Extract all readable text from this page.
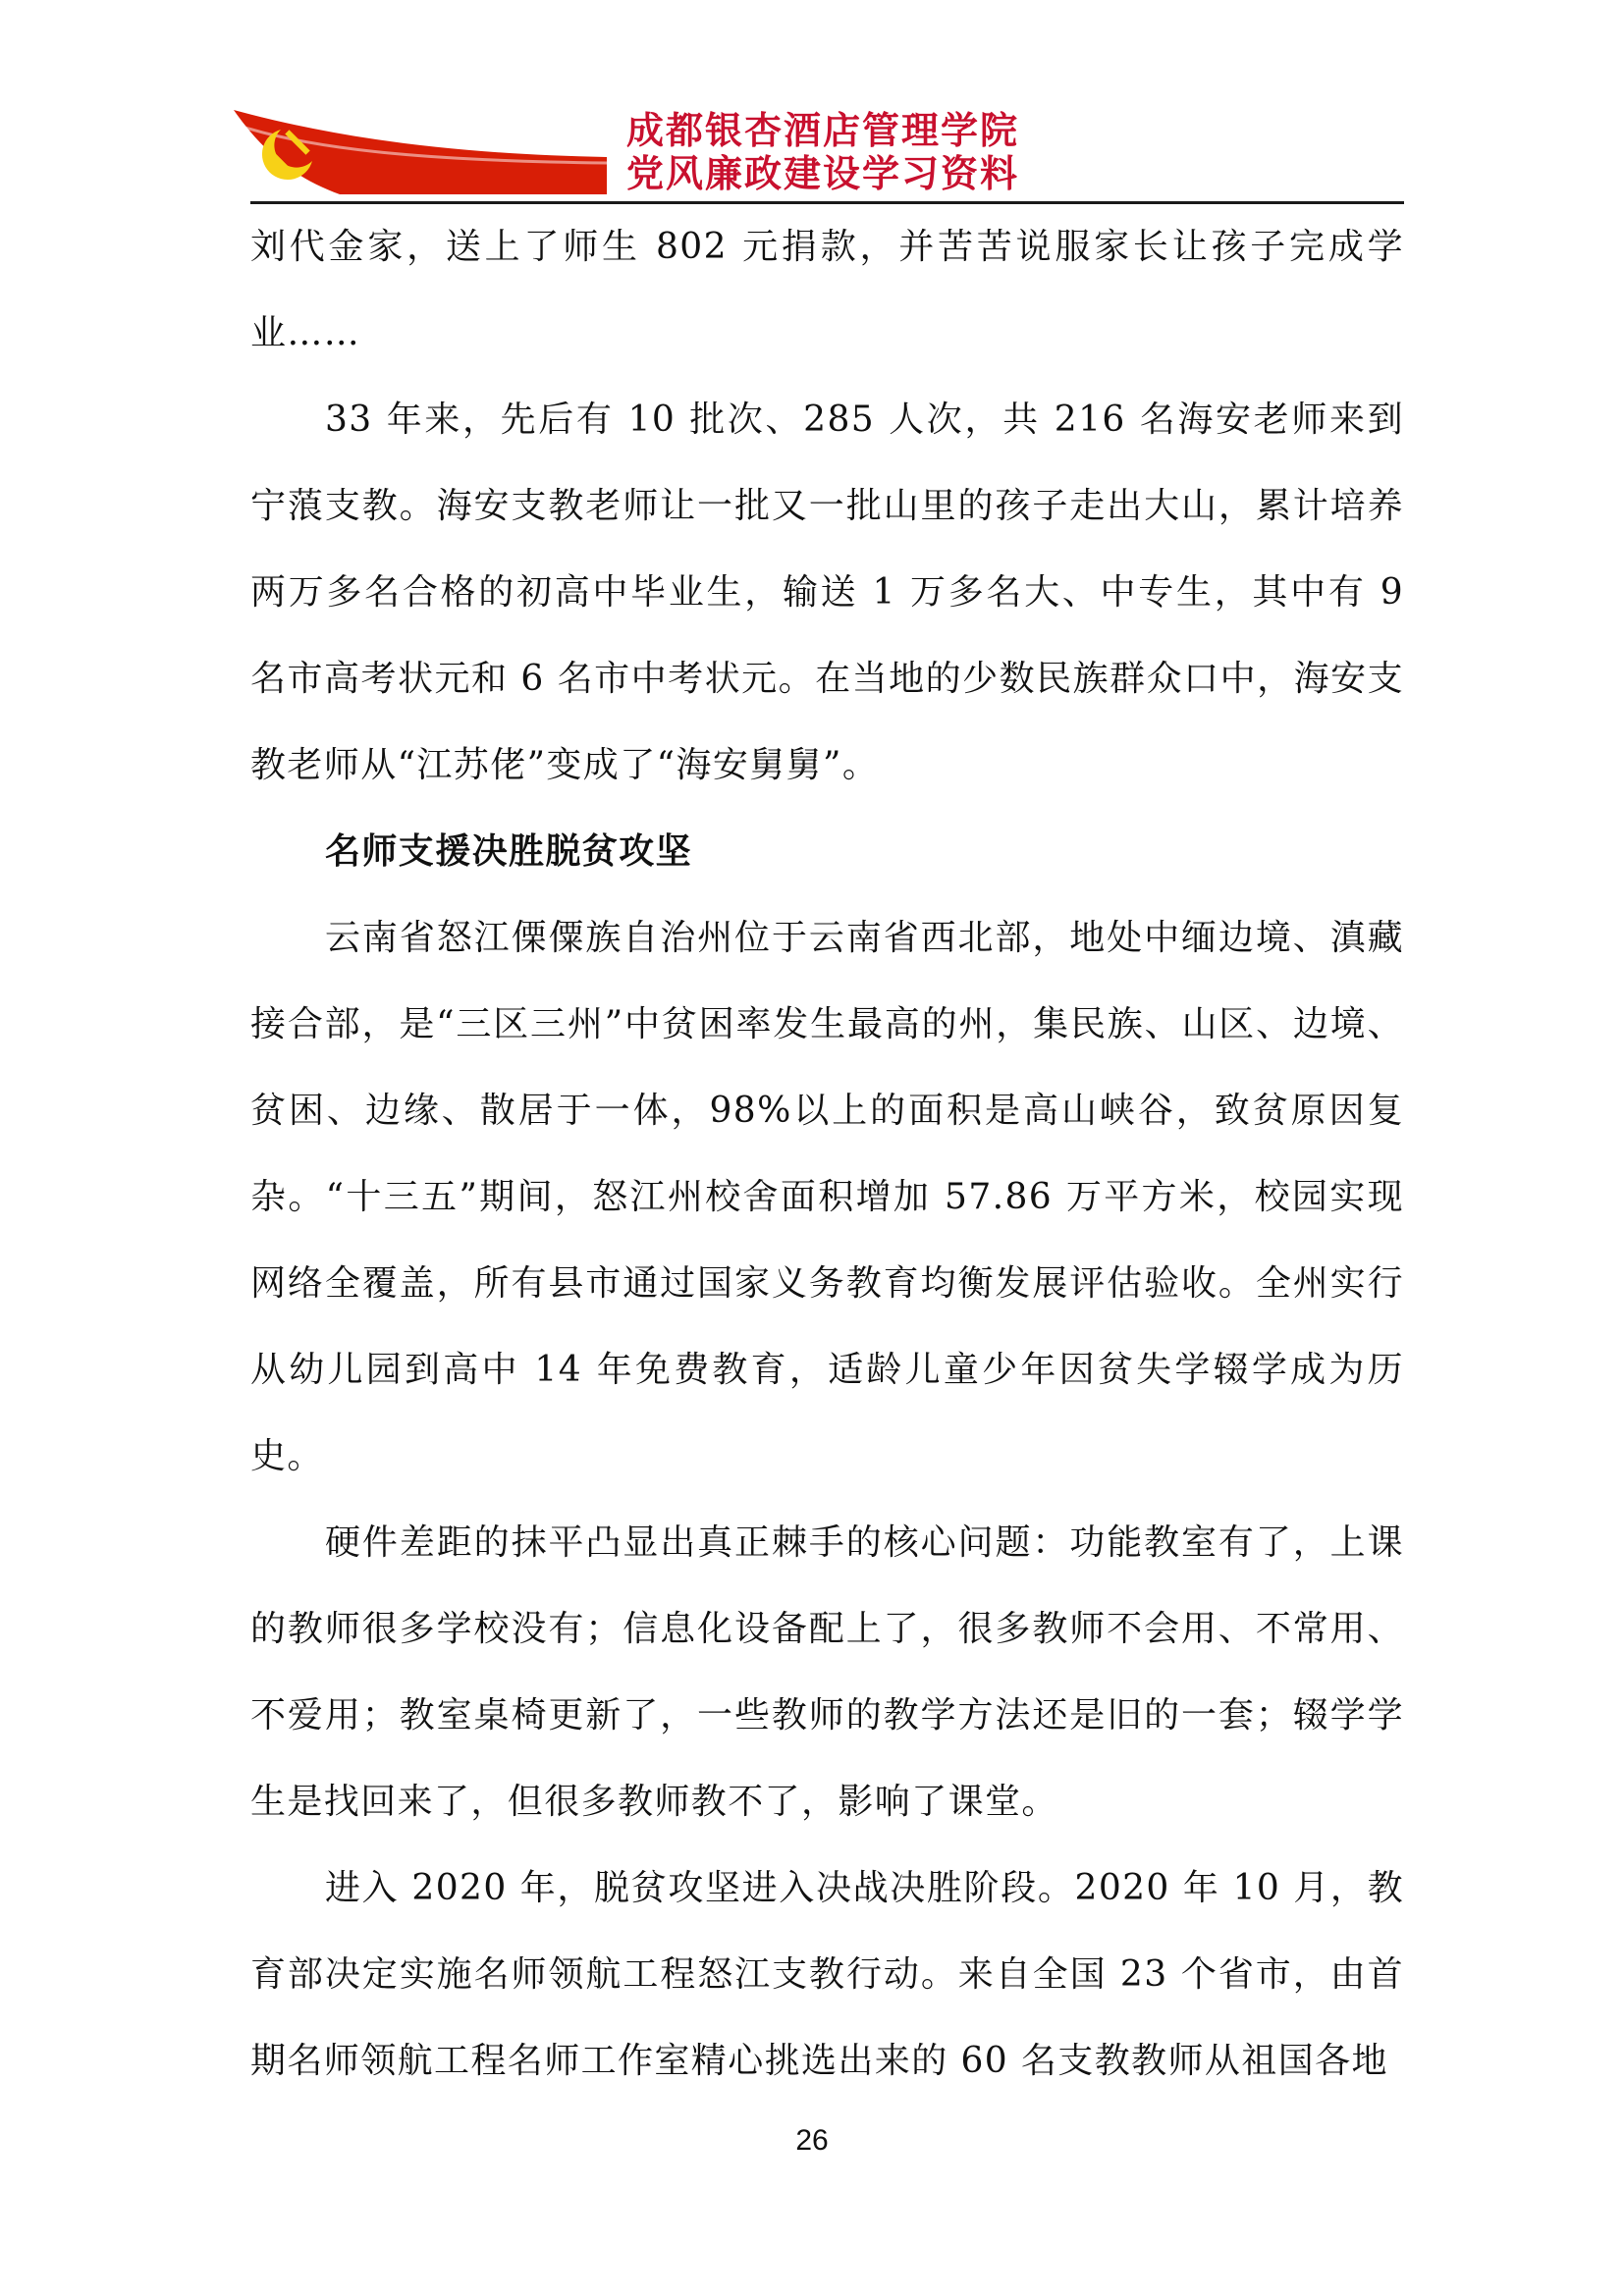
成都银杏酒店管理学院
党风廉政建设学习资料

刘代金家，送上了师生 802 元捐款，并苦苦说服家长让孩子完成学业……

33 年来，先后有 10 批次、285 人次，共 216 名海安老师来到宁蒗支教。海安支教老师让一批又一批山里的孩子走出大山，累计培养两万多名合格的初高中毕业生，输送 1 万多名大、中专生，其中有 9 名市高考状元和 6 名市中考状元。在当地的少数民族群众口中，海安支教老师从“江苏佬”变成了“海安舅舅”。

名师支援决胜脱贫攻坚

云南省怒江傈僳族自治州位于云南省西北部，地处中缅边境、滇藏接合部，是“三区三州”中贫困率发生最高的州，集民族、山区、边境、贫困、边缘、散居于一体，98%以上的面积是高山峡谷，致贫原因复杂。“十三五”期间，怒江州校舍面积增加 57.86 万平方米，校园实现网络全覆盖，所有县市通过国家义务教育均衡发展评估验收。全州实行从幼儿园到高中 14 年免费教育，适龄儿童少年因贫失学辍学成为历史。

硬件差距的抹平凸显出真正棘手的核心问题：功能教室有了，上课的教师很多学校没有；信息化设备配上了，很多教师不会用、不常用、不爱用；教室桌椅更新了，一些教师的教学方法还是旧的一套；辍学学生是找回来了，但很多教师教不了，影响了课堂。

进入 2020 年，脱贫攻坚进入决战决胜阶段。2020 年 10 月，教育部决定实施名师领航工程怒江支教行动。来自全国 23 个省市，由首期名师领航工程名师工作室精心挑选出来的 60 名支教教师从祖国各地

26
